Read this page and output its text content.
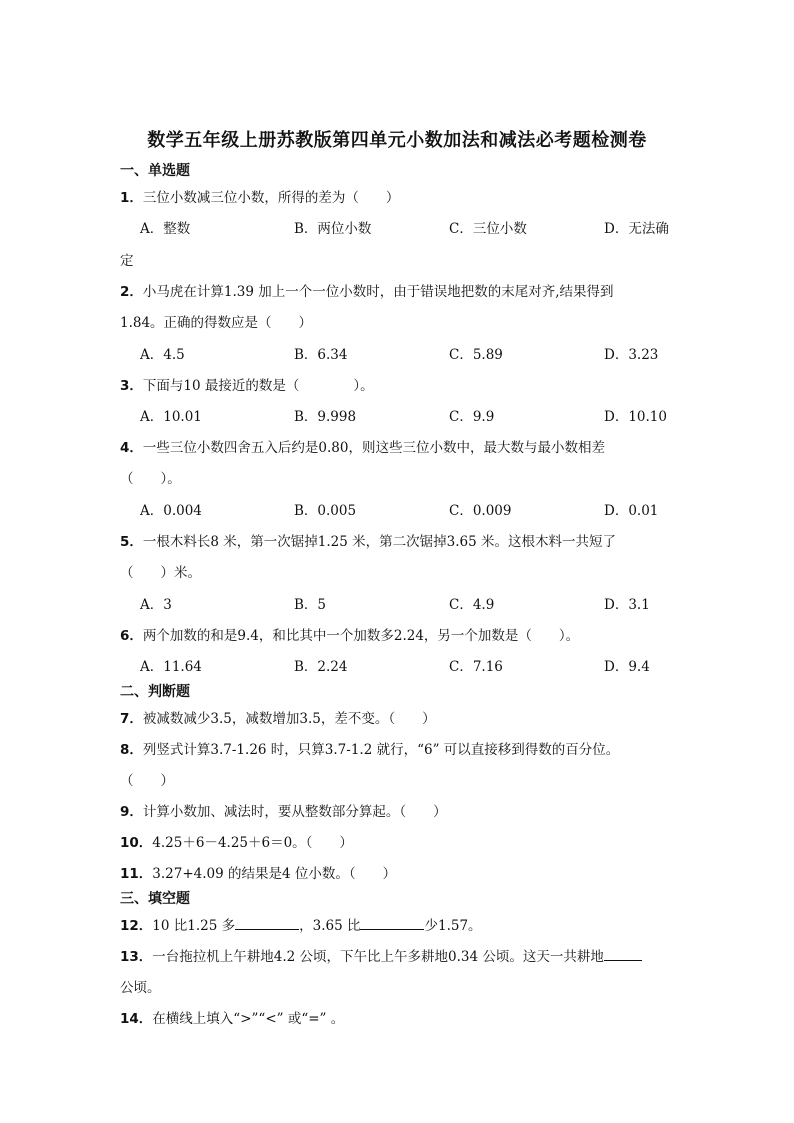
数学五年级上册苏教版第四单元小数加法和减法必考题检测卷
一、单选题
1．三位小数减三位小数，所得的差为（　　）
A．整数	B．两位小数	C．三位小数	D．无法确
定
2．小马虎在计算1.39 加上一个一位小数时，由于错误地把数的末尾对齐,结果得到
1.84。正确的得数应是（　　）
A．4.5	B．6.34	C．5.89	D．3.23
3．下面与10 最接近的数是（　　　　）。
A．10.01	B．9.998	C．9.9	D．10.10
4．一些三位小数四舍五入后约是0.80，则这些三位小数中，最大数与最小数相差
（　　）。
A．0.004	B．0.005	C．0.009	D．0.01
5．一根木料长8 米，第一次锯掉1.25 米，第二次锯掉3.65 米。这根木料一共短了
（　　）米。
A．3	B．5	C．4.9	D．3.1
6．两个加数的和是9.4，和比其中一个加数多2.24，另一个加数是（　　）。
A．11.64	B．2.24	C．7.16	D．9.4
二、判断题
7．被减数减少3.5，减数增加3.5，差不变。（　　）
8．列竖式计算3.7-1.26 时，只算3.7-1.2 就行，“6” 可以直接移到得数的百分位。
（　　）
9．计算小数加、减法时，要从整数部分算起。（　　）
10．4.25＋6－4.25＋6＝0。（　　）
11．3.27+4.09 的结果是4 位小数。（　　）
三、填空题
12．10 比1.25 多	，3.65 比	少1.57。
13．一台拖拉机上午耕地4.2 公顷，下午比上午多耕地0.34 公顷。这天一共耕地
公顷。
14．在横线上填入“>”“<” 或“=” 。
